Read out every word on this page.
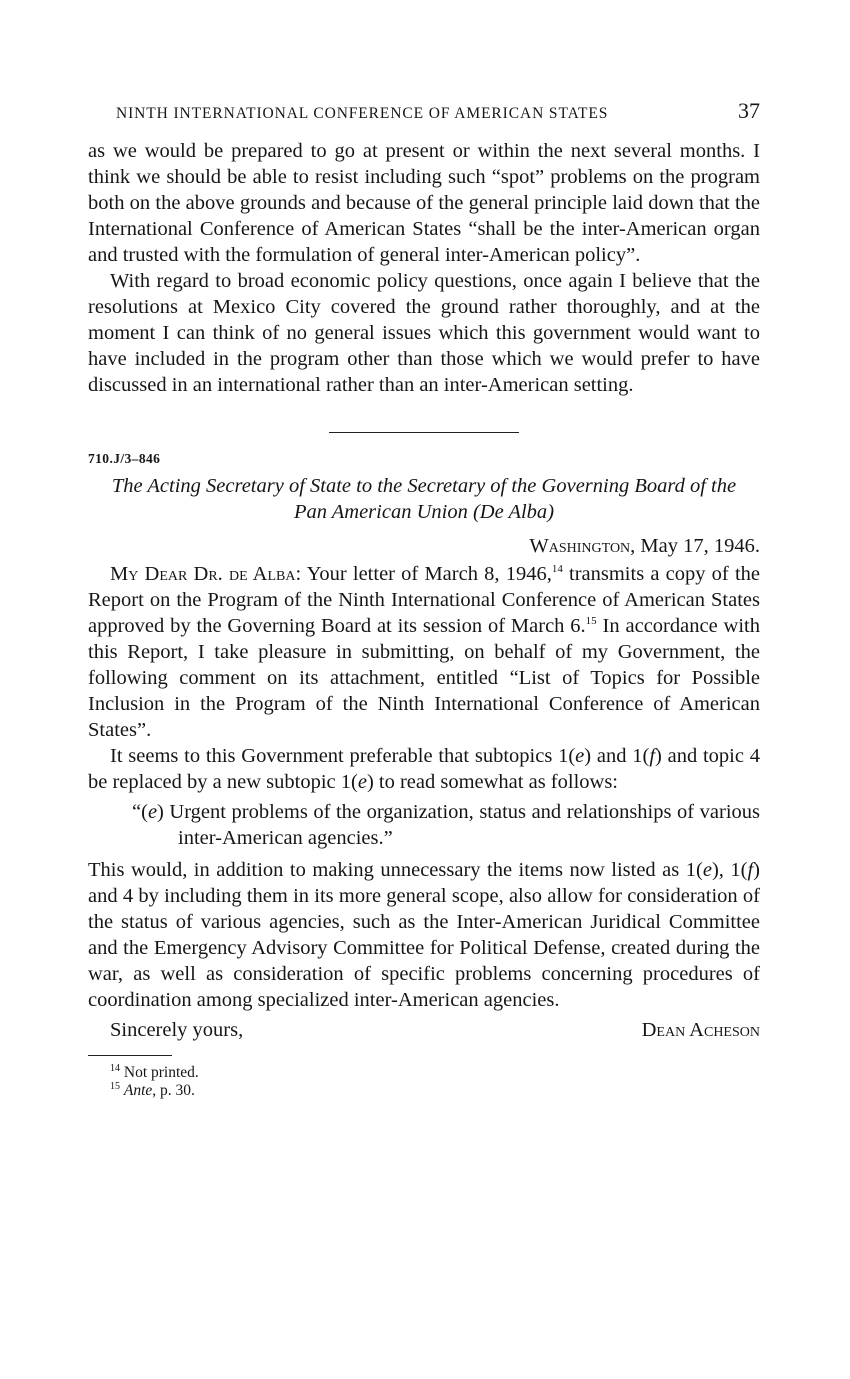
NINTH INTERNATIONAL CONFERENCE OF AMERICAN STATES	37

as we would be prepared to go at present or within the next several months. I think we should be able to resist including such “spot” problems on the program both on the above grounds and because of the general principle laid down that the International Conference of American States “shall be the inter-American organ and trusted with the formulation of general inter-American policy”.

With regard to broad economic policy questions, once again I believe that the resolutions at Mexico City covered the ground rather thoroughly, and at the moment I can think of no general issues which this government would want to have included in the program other than those which we would prefer to have discussed in an international rather than an inter-American setting.

710.J/3–846
The Acting Secretary of State to the Secretary of the Governing Board of the Pan American Union (De Alba)
Washington, May 17, 1946.

My Dear Dr. de Alba: Your letter of March 8, 1946,14 transmits a copy of the Report on the Program of the Ninth International Conference of American States approved by the Governing Board at its session of March 6.15 In accordance with this Report, I take pleasure in submitting, on behalf of my Government, the following comment on its attachment, entitled “List of Topics for Possible Inclusion in the Program of the Ninth International Conference of American States”.

It seems to this Government preferable that subtopics 1(e) and 1(f) and topic 4 be replaced by a new subtopic 1(e) to read somewhat as follows:

“(e) Urgent problems of the organization, status and relationships of various inter-American agencies.”

This would, in addition to making unnecessary the items now listed as 1(e), 1(f) and 4 by including them in its more general scope, also allow for consideration of the status of various agencies, such as the Inter-American Juridical Committee and the Emergency Advisory Committee for Political Defense, created during the war, as well as consideration of specific problems concerning procedures of coordination among specialized inter-American agencies.

Sincerely yours,	Dean Acheson
$^{14}$ Not printed.
$^{15}$ Ante, p. 30.
